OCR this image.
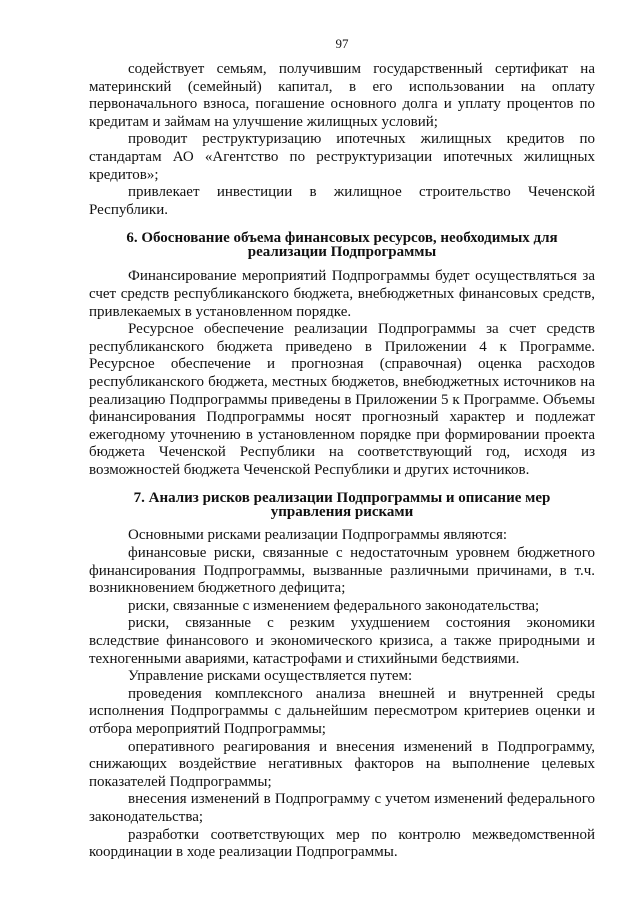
97

содействует семьям, получившим государственный сертификат на материнский (семейный) капитал, в его использовании на оплату первоначального взноса, погашение основного долга и уплату процентов по кредитам и займам на улучшение жилищных условий;

проводит реструктуризацию ипотечных жилищных кредитов по стандартам АО «Агентство по реструктуризации ипотечных жилищных кредитов»;

привлекает инвестиции в жилищное строительство Чеченской Республики.

6. Обоснование объема финансовых ресурсов, необходимых для реализации Подпрограммы

Финансирование мероприятий Подпрограммы будет осуществляться за счет средств республиканского бюджета, внебюджетных финансовых средств, привлекаемых в установленном порядке.

Ресурсное обеспечение реализации Подпрограммы за счет средств республиканского бюджета приведено в Приложении 4 к Программе. Ресурсное обеспечение и прогнозная (справочная) оценка расходов республиканского бюджета, местных бюджетов, внебюджетных источников на реализацию Подпрограммы приведены в Приложении 5 к Программе. Объемы финансирования Подпрограммы носят прогнозный характер и подлежат ежегодному уточнению в установленном порядке при формировании проекта бюджета Чеченской Республики на соответствующий год, исходя из возможностей бюджета Чеченской Республики и других источников.

7. Анализ рисков реализации Подпрограммы и описание мер управления рисками

Основными рисками реализации Подпрограммы являются:

финансовые риски, связанные с недостаточным уровнем бюджетного финансирования Подпрограммы, вызванные различными причинами, в т.ч. возникновением бюджетного дефицита;

риски, связанные с изменением федерального законодательства;

риски, связанные с резким ухудшением состояния экономики вследствие финансового и экономического кризиса, а также природными и техногенными авариями, катастрофами и стихийными бедствиями.

Управление рисками осуществляется путем:

проведения комплексного анализа внешней и внутренней среды исполнения Подпрограммы с дальнейшим пересмотром критериев оценки и отбора мероприятий Подпрограммы;

оперативного реагирования и внесения изменений в Подпрограмму, снижающих воздействие негативных факторов на выполнение целевых показателей Подпрограммы;

внесения изменений в Подпрограмму с учетом изменений федерального законодательства;

разработки соответствующих мер по контролю межведомственной координации в ходе реализации Подпрограммы.
